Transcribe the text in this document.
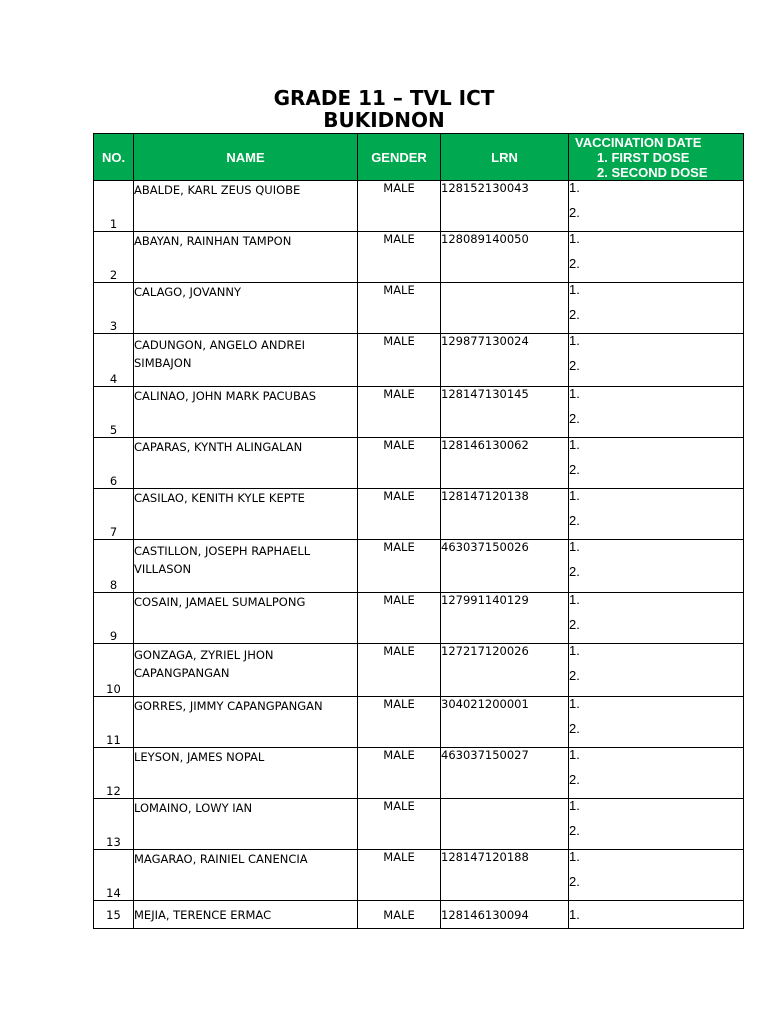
GRADE 11 – TVL ICT
BUKIDNON
NO.	NAME	GENDER	LRN	VACCINATION DATE
1. FIRST DOSE
2. SECOND DOSE

1	ABALDE, KARL ZEUS QUIOBE	MALE	128152130043	1.
2.
2	ABAYAN, RAINHAN TAMPON	MALE	128089140050	1.
2.
3	CALAGO, JOVANNY	MALE		1.
2.
4	CADUNGON, ANGELO ANDREI SIMBAJON	MALE	129877130024	1.
2.
5	CALINAO, JOHN MARK PACUBAS	MALE	128147130145	1.
2.
6	CAPARAS, KYNTH ALINGALAN	MALE	128146130062	1.
2.
7	CASILAO, KENITH KYLE KEPTE	MALE	128147120138	1.
2.
8	CASTILLON, JOSEPH RAPHAELL VILLASON	MALE	463037150026	1.
2.
9	COSAIN, JAMAEL SUMALPONG	MALE	127991140129	1.
2.
10	GONZAGA, ZYRIEL JHON CAPANGPANGAN	MALE	127217120026	1.
2.
11	GORRES, JIMMY CAPANGPANGAN	MALE	304021200001	1.
2.
12	LEYSON, JAMES NOPAL	MALE	463037150027	1.
2.
13	LOMAINO, LOWY IAN	MALE		1.
2.
14	MAGARAO, RAINIEL CANENCIA	MALE	128147120188	1.
2.
15	MEJIA, TERENCE ERMAC	MALE	128146130094	1.
